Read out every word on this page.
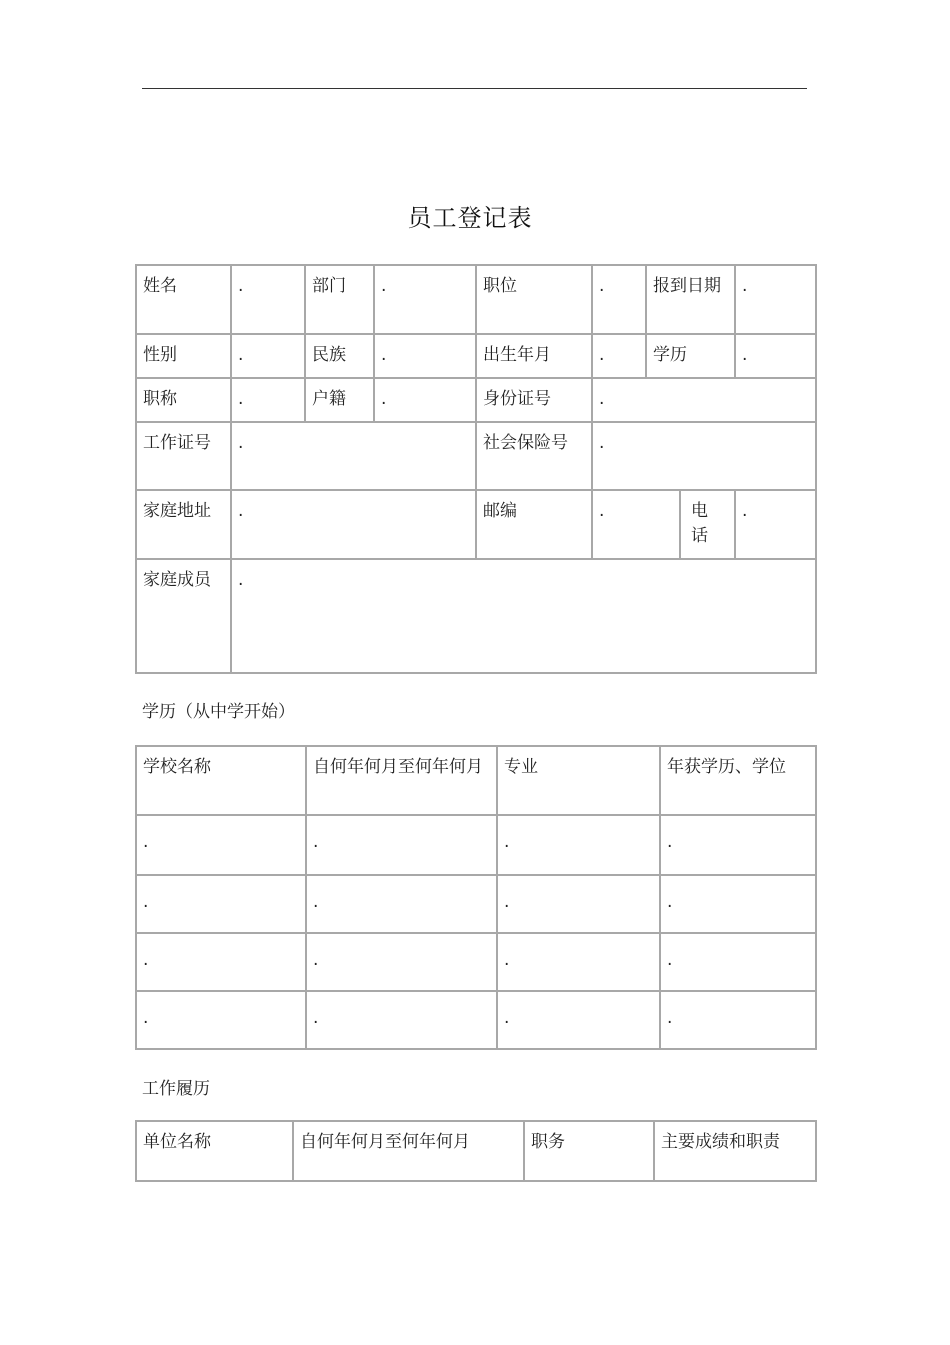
员工登记表
姓名	.	部门	.	职位	.	报到日期		.
性别	.	民族	.	出生年月	.	学历		.
职称	.	户籍	.	身份证号	.			
工作证号	.			社会保险号	.			
家庭地址	.			邮编	.		电话	.
家庭成员	.							
学历（从中学开始）
学校名称	自何年何月至何年何月	专业	年获学历、学位
.	.	.	.
.	.	.	.
.	.	.	.
.	.	.	.
工作履历
单位名称	自何年何月至何年何月	职务	主要成绩和职责
